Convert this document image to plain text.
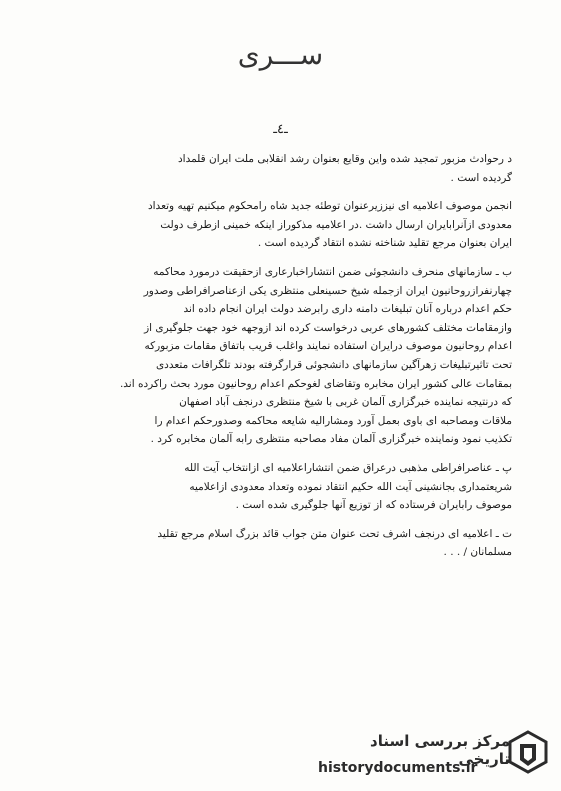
ســـری
ـ٤ـ
د رحوادث مزبور تمجید شده واین وقایع بعنوان رشد انقلابی ملت ایران قلمداد
گردیده است .
انجمن موصوف اعلامیه ای نیززیرعنوان توطئه جدید شاه رامحکوم میکنیم تهیه وتعداد
معدودی ازآنرابایران ارسال داشت .در اعلامیه مذکوراز اینکه خمینی ازطرف دولت
ایران بعنوان مرجع تقلید شناخته نشده انتقاد گردیده است .
ب ـ سازمانهای منحرف دانشجوئی ضمن انتشاراخبارعاری ازحقیقت درمورد محاکمه
چهارنفرازروحانیون ایران ازجمله شیخ حسینعلی منتظری یکی ازعناصرافراطی وصدور
حکم اعدام درباره آنان تبلیغات دامنه داری رابرضد دولت ایران انجام داده اند
وازمقامات مختلف کشورهای عربی درخواست کرده اند ازوجهه خود جهت جلوگیری از
اعدام روحانیون موصوف درایران استفاده نمایند واغلب قریب باتفاق مقامات مزبورکه
تحت تاثیرتبلیغات زهرآگین سازمانهای دانشجوئی قرارگرفته بودند تلگرافات متعددی
بمقامات عالی کشور ایران مخابره وتقاضای لغوحکم اعدام روحانیون مورد بحث راکرده اند.
که درنتیجه نماینده خبرگزاری آلمان غربی با شیخ منتظری درنجف آباد اصفهان
ملاقات ومصاحبه ای باوی بعمل آورد ومشارالیه شایعه محاکمه وصدورحکم اعدام را
تکذیب نمود ونماینده خبرگزاری آلمان مفاد مصاحبه منتظری رابه آلمان مخابره کرد .
پ ـ عناصرافراطی مذهبی درعراق ضمن انتشاراعلامیه ای ازانتخاب آیت الله
شریعتمداری بجانشینی آیت الله حکیم انتقاد نموده وتعداد معدودی ازاعلامیه
موصوف رابایران فرستاده که از توزیع آنها جلوگیری شده است .
ت ـ اعلامیه ای درنجف اشرف تحت عنوان متن جواب قائد بزرگ اسلام مرجع تقلید
مسلمانان / . . .
مرکز بررسی اسناد تاریخی
historydocuments.ir
